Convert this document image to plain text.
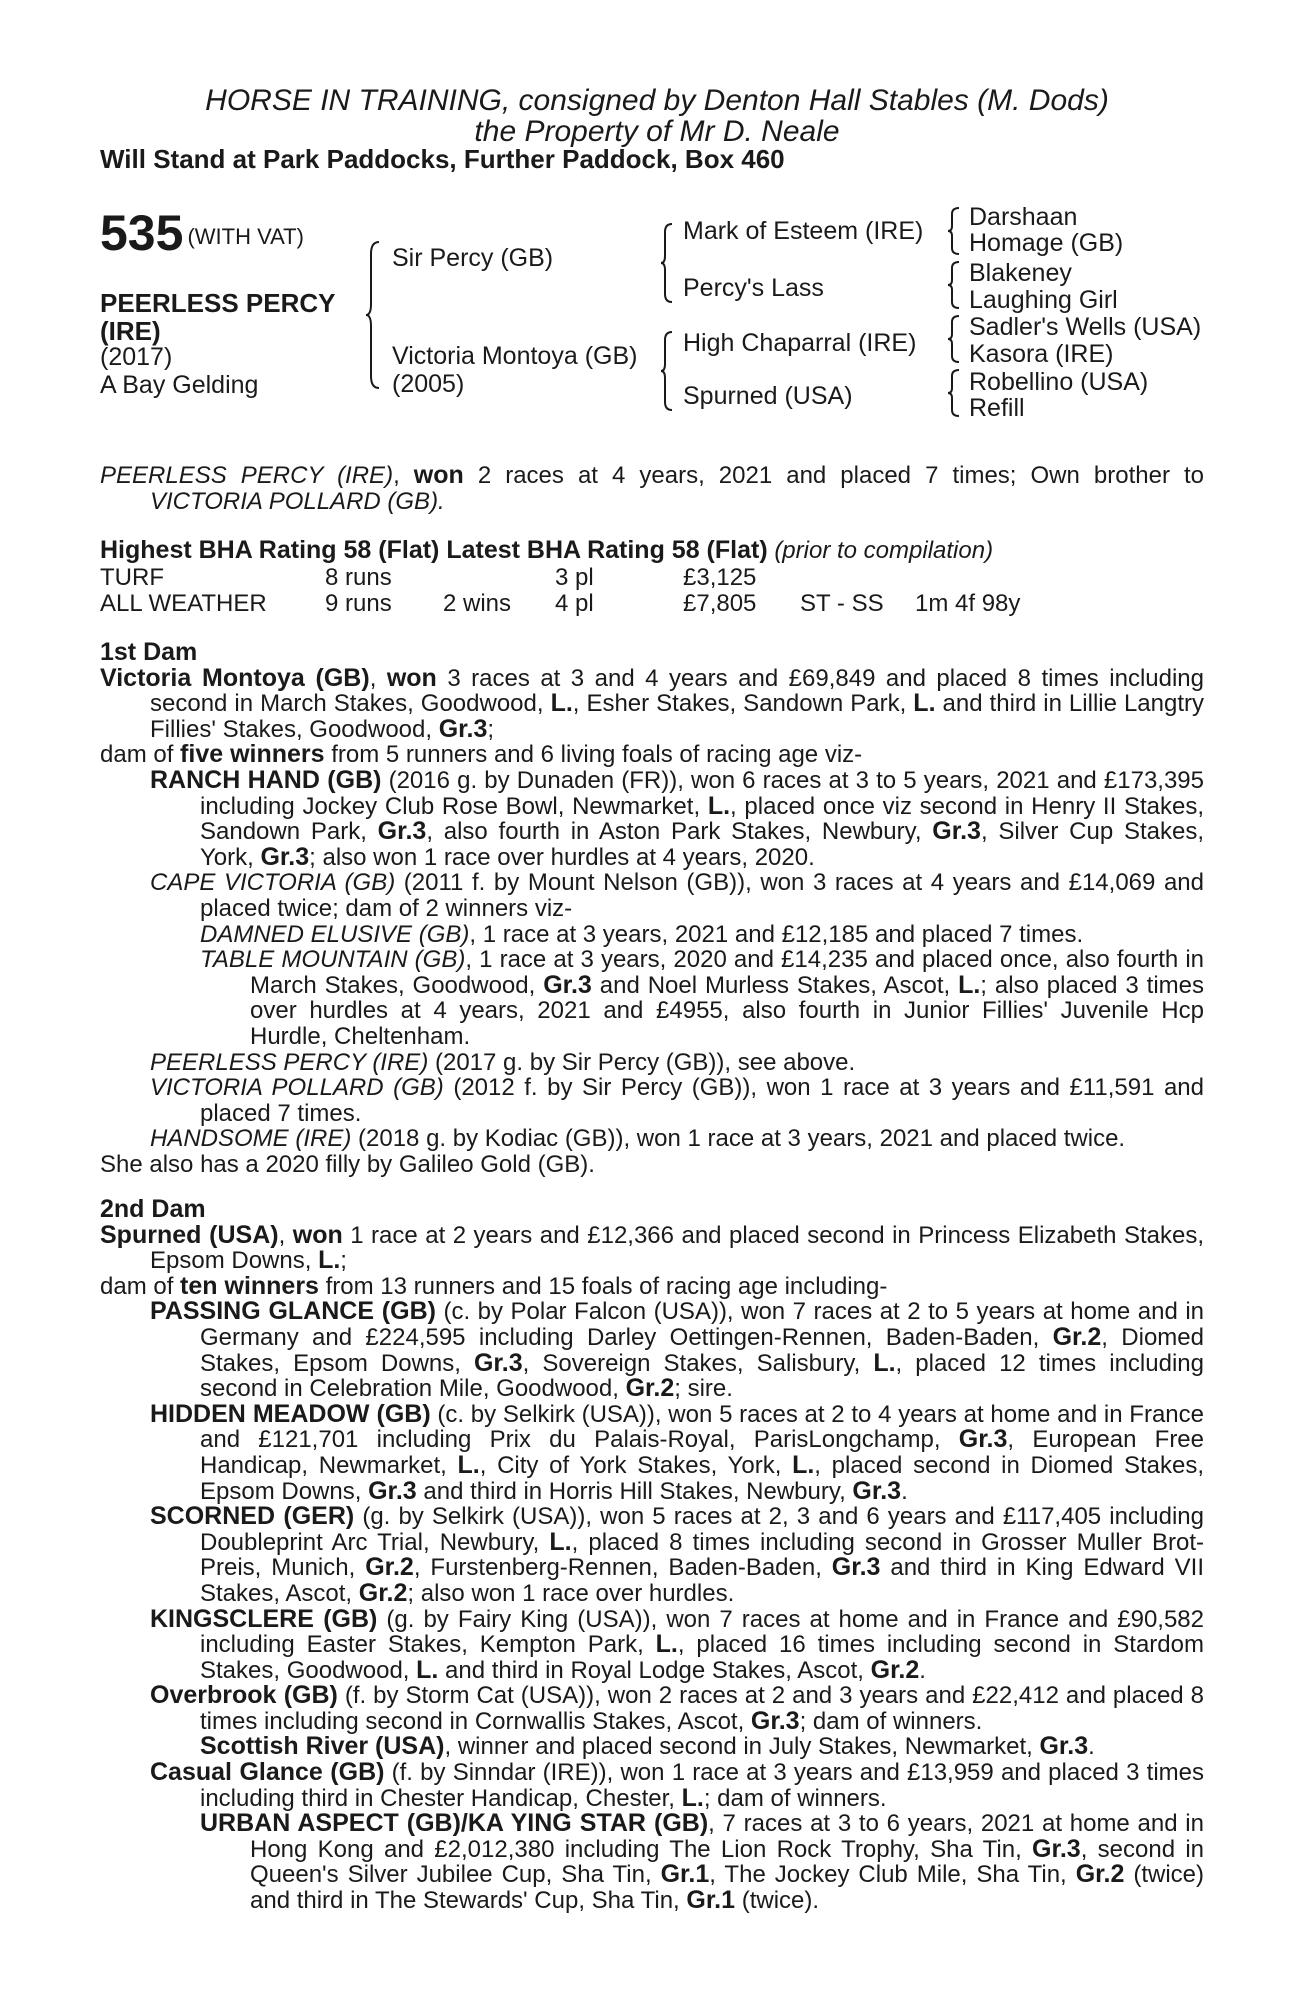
HORSE IN TRAINING, consigned by Denton Hall Stables (M. Dods)
the Property of Mr D. Neale
Will Stand at Park Paddocks, Further Paddock, Box 460
535 (WITH VAT)
PEERLESS PERCY
(IRE)
(2017)
A Bay Gelding
Sir Percy (GB)
Victoria Montoya (GB)
(2005)
Mark of Esteem (IRE)
Percy's Lass
High Chaparral (IRE)
Spurned (USA)
Darshaan
Homage (GB)
Blakeney
Laughing Girl
Sadler's Wells (USA)
Kasora (IRE)
Robellino (USA)
Refill

PEERLESS PERCY (IRE), won 2 races at 4 years, 2021 and placed 7 times; Own brother to VICTORIA POLLARD (GB).

Highest BHA Rating 58 (Flat) Latest BHA Rating 58 (Flat) (prior to compilation)
TURF	8 runs	3 pl	£3,125
ALL WEATHER 9 runs 2 wins 4 pl	£7,805 ST - SS 1m 4f 98y

1st Dam

Victoria Montoya (GB), won 3 races at 3 and 4 years and £69,849 and placed 8 times including second in March Stakes, Goodwood, L., Esher Stakes, Sandown Park, L. and third in Lillie Langtry Fillies' Stakes, Goodwood, Gr.3;

dam of five winners from 5 runners and 6 living foals of racing age viz-

RANCH HAND (GB) (2016 g. by Dunaden (FR)), won 6 races at 3 to 5 years, 2021 and £173,395 including Jockey Club Rose Bowl, Newmarket, L., placed once viz second in Henry II Stakes, Sandown Park, Gr.3, also fourth in Aston Park Stakes, Newbury, Gr.3, Silver Cup Stakes, York, Gr.3; also won 1 race over hurdles at 4 years, 2020.

CAPE VICTORIA (GB) (2011 f. by Mount Nelson (GB)), won 3 races at 4 years and £14,069 and placed twice; dam of 2 winners viz-

DAMNED ELUSIVE (GB), 1 race at 3 years, 2021 and £12,185 and placed 7 times.

TABLE MOUNTAIN (GB), 1 race at 3 years, 2020 and £14,235 and placed once, also fourth in March Stakes, Goodwood, Gr.3 and Noel Murless Stakes, Ascot, L.; also placed 3 times over hurdles at 4 years, 2021 and £4955, also fourth in Junior Fillies' Juvenile Hcp Hurdle, Cheltenham.

PEERLESS PERCY (IRE) (2017 g. by Sir Percy (GB)), see above.

VICTORIA POLLARD (GB) (2012 f. by Sir Percy (GB)), won 1 race at 3 years and £11,591 and placed 7 times.

HANDSOME (IRE) (2018 g. by Kodiac (GB)), won 1 race at 3 years, 2021 and placed twice.

She also has a 2020 filly by Galileo Gold (GB).

2nd Dam

Spurned (USA), won 1 race at 2 years and £12,366 and placed second in Princess Elizabeth Stakes, Epsom Downs, L.;

dam of ten winners from 13 runners and 15 foals of racing age including-

PASSING GLANCE (GB) (c. by Polar Falcon (USA)), won 7 races at 2 to 5 years at home and in Germany and £224,595 including Darley Oettingen-Rennen, Baden-Baden, Gr.2, Diomed Stakes, Epsom Downs, Gr.3, Sovereign Stakes, Salisbury, L., placed 12 times including second in Celebration Mile, Goodwood, Gr.2; sire.

HIDDEN MEADOW (GB) (c. by Selkirk (USA)), won 5 races at 2 to 4 years at home and in France and £121,701 including Prix du Palais-Royal, ParisLongchamp, Gr.3, European Free Handicap, Newmarket, L., City of York Stakes, York, L., placed second in Diomed Stakes, Epsom Downs, Gr.3 and third in Horris Hill Stakes, Newbury, Gr.3.

SCORNED (GER) (g. by Selkirk (USA)), won 5 races at 2, 3 and 6 years and £117,405 including Doubleprint Arc Trial, Newbury, L., placed 8 times including second in Grosser Muller Brot-Preis, Munich, Gr.2, Furstenberg-Rennen, Baden-Baden, Gr.3 and third in King Edward VII Stakes, Ascot, Gr.2; also won 1 race over hurdles.

KINGSCLERE (GB) (g. by Fairy King (USA)), won 7 races at home and in France and £90,582 including Easter Stakes, Kempton Park, L., placed 16 times including second in Stardom Stakes, Goodwood, L. and third in Royal Lodge Stakes, Ascot, Gr.2.

Overbrook (GB) (f. by Storm Cat (USA)), won 2 races at 2 and 3 years and £22,412 and placed 8 times including second in Cornwallis Stakes, Ascot, Gr.3; dam of winners.

Scottish River (USA), winner and placed second in July Stakes, Newmarket, Gr.3.

Casual Glance (GB) (f. by Sinndar (IRE)), won 1 race at 3 years and £13,959 and placed 3 times including third in Chester Handicap, Chester, L.; dam of winners.

URBAN ASPECT (GB)/KA YING STAR (GB), 7 races at 3 to 6 years, 2021 at home and in Hong Kong and £2,012,380 including The Lion Rock Trophy, Sha Tin, Gr.3, second in Queen's Silver Jubilee Cup, Sha Tin, Gr.1, The Jockey Club Mile, Sha Tin, Gr.2 (twice) and third in The Stewards' Cup, Sha Tin, Gr.1 (twice).
